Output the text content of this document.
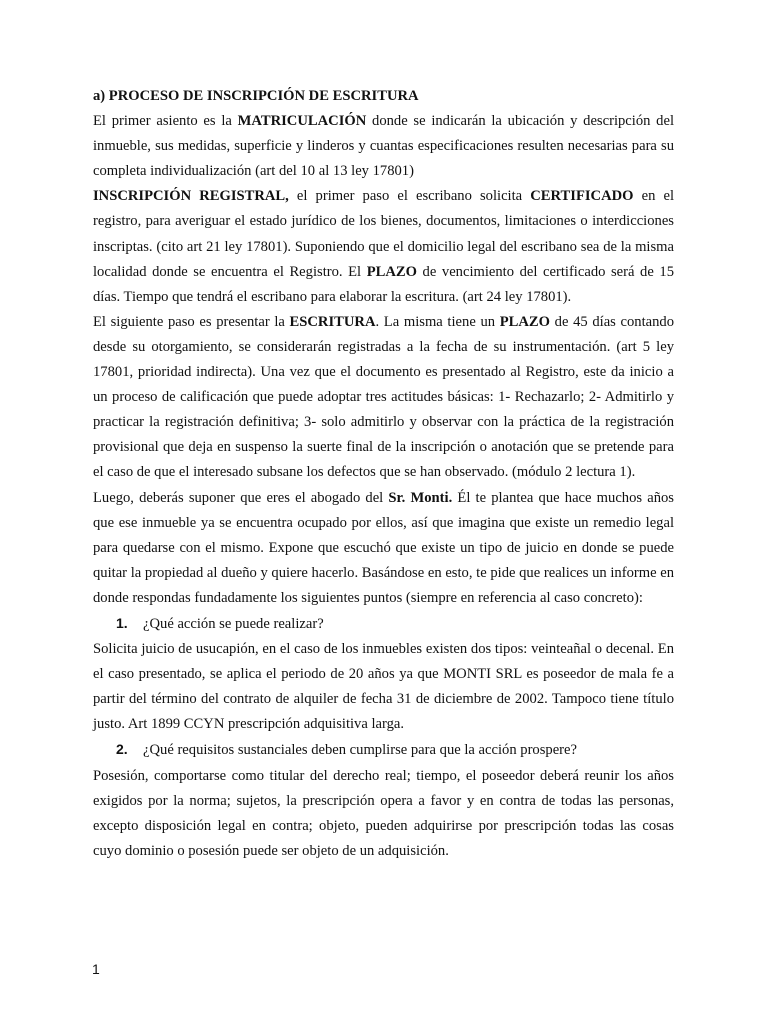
a) PROCESO DE INSCRIPCIÓN DE ESCRITURA

El primer asiento es la MATRICULACIÓN donde se indicarán la ubicación y descripción del inmueble, sus medidas, superficie y linderos y cuantas especificaciones resulten necesarias para su completa individualización (art del 10 al 13 ley 17801)

INSCRIPCIÓN REGISTRAL, el primer paso el escribano solicita CERTIFICADO en el registro, para averiguar el estado jurídico de los bienes, documentos, limitaciones o interdicciones inscriptas. (cito art 21 ley 17801). Suponiendo que el domicilio legal del escribano sea de la misma localidad donde se encuentra el Registro. El PLAZO de vencimiento del certificado será de 15 días. Tiempo que tendrá el escribano para elaborar la escritura. (art 24 ley 17801).

El siguiente paso es presentar la ESCRITURA. La misma tiene un PLAZO de 45 días contando desde su otorgamiento, se considerarán registradas a la fecha de su instrumentación. (art 5 ley 17801, prioridad indirecta). Una vez que el documento es presentado al Registro, este da inicio a un proceso de calificación que puede adoptar tres actitudes básicas: 1- Rechazarlo; 2- Admitirlo y practicar la registración definitiva; 3- solo admitirlo y observar con la práctica de la registración provisional que deja en suspenso la suerte final de la inscripción o anotación que se pretende para el caso de que el interesado subsane los defectos que se han observado. (módulo 2 lectura 1).

Luego, deberás suponer que eres el abogado del Sr. Monti. Él te plantea que hace muchos años que ese inmueble ya se encuentra ocupado por ellos, así que imagina que existe un remedio legal para quedarse con el mismo. Expone que escuchó que existe un tipo de juicio en donde se puede quitar la propiedad al dueño y quiere hacerlo. Basándose en esto, te pide que realices un informe en donde respondas fundadamente los siguientes puntos (siempre en referencia al caso concreto):

1. ¿Qué acción se puede realizar?

Solicita juicio de usucapión, en el caso de los inmuebles existen dos tipos: veinteañal o decenal. En el caso presentado, se aplica el periodo de 20 años ya que MONTI SRL es poseedor de mala fe a partir del término del contrato de alquiler de fecha 31 de diciembre de 2002. Tampoco tiene título justo. Art 1899 CCYN prescripción adquisitiva larga.

2. ¿Qué requisitos sustanciales deben cumplirse para que la acción prospere?

Posesión, comportarse como titular del derecho real; tiempo, el poseedor deberá reunir los años exigidos por la norma; sujetos, la prescripción opera a favor y en contra de todas las personas, excepto disposición legal en contra; objeto, pueden adquirirse por prescripción todas las cosas cuyo dominio o posesión puede ser objeto de un adquisición.

1
